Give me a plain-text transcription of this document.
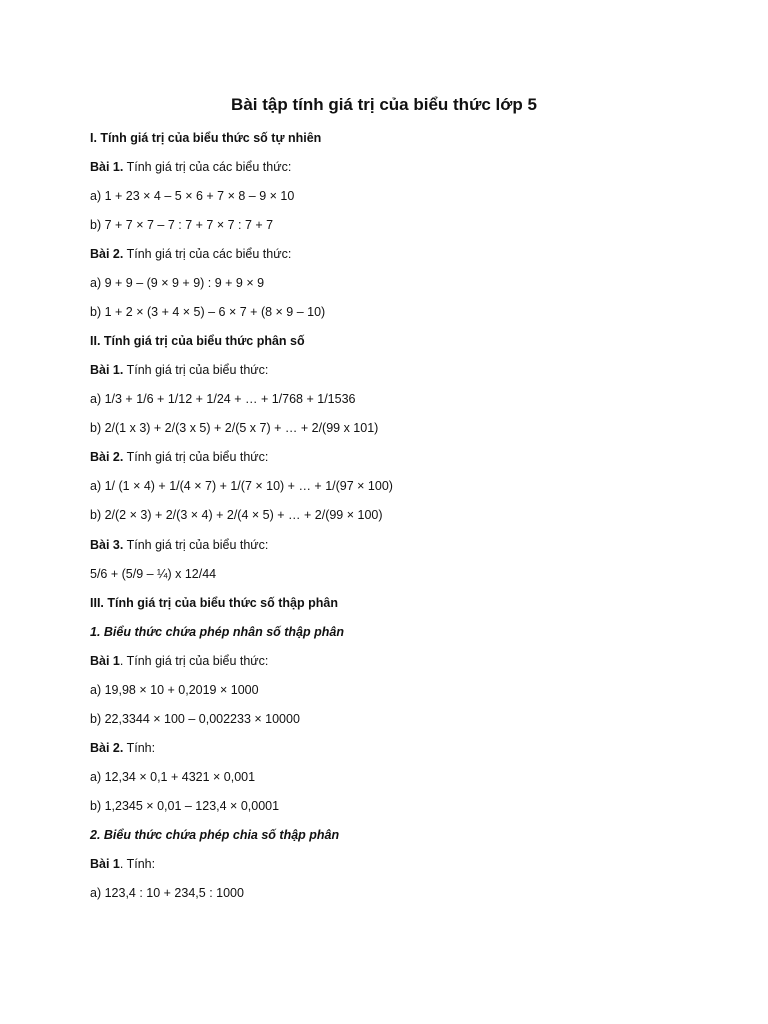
Bài tập tính giá trị của biểu thức lớp 5
I. Tính giá trị của biểu thức số tự nhiên
Bài 1. Tính giá trị của các biểu thức:
a) 1 + 23 × 4 – 5 × 6 + 7 × 8 – 9 × 10
b) 7 + 7 × 7 – 7 : 7 + 7 × 7 : 7 + 7
Bài 2. Tính giá trị của các biểu thức:
a) 9 + 9 – (9 × 9 + 9) : 9 + 9 × 9
b) 1 + 2 × (3 + 4 × 5) – 6 × 7 + (8 × 9 – 10)
II. Tính giá trị của biểu thức phân số
Bài 1. Tính giá trị của biểu thức:
a) 1/3 + 1/6 + 1/12 + 1/24 + … + 1/768 + 1/1536
b) 2/(1 x 3) + 2/(3 x 5) + 2/(5 x 7) + … + 2/(99 x 101)
Bài 2. Tính giá trị của biểu thức:
a) 1/ (1 × 4) + 1/(4 × 7) + 1/(7 × 10) + … + 1/(97 × 100)
b) 2/(2 × 3) + 2/(3 × 4) + 2/(4 × 5) + … + 2/(99 × 100)
Bài 3. Tính giá trị của biểu thức:
5/6 + (5/9 – ¼) x 12/44
III. Tính giá trị của biểu thức số thập phân
1. Biểu thức chứa phép nhân số thập phân
Bài 1. Tính giá trị của biểu thức:
a) 19,98 × 10 + 0,2019 × 1000
b) 22,3344 × 100 – 0,002233 × 10000
Bài 2. Tính:
a) 12,34 × 0,1 + 4321 × 0,001
b) 1,2345 × 0,01 – 123,4 × 0,0001
2. Biểu thức chứa phép chia số thập phân
Bài 1. Tính:
a) 123,4 : 10 + 234,5 : 1000
